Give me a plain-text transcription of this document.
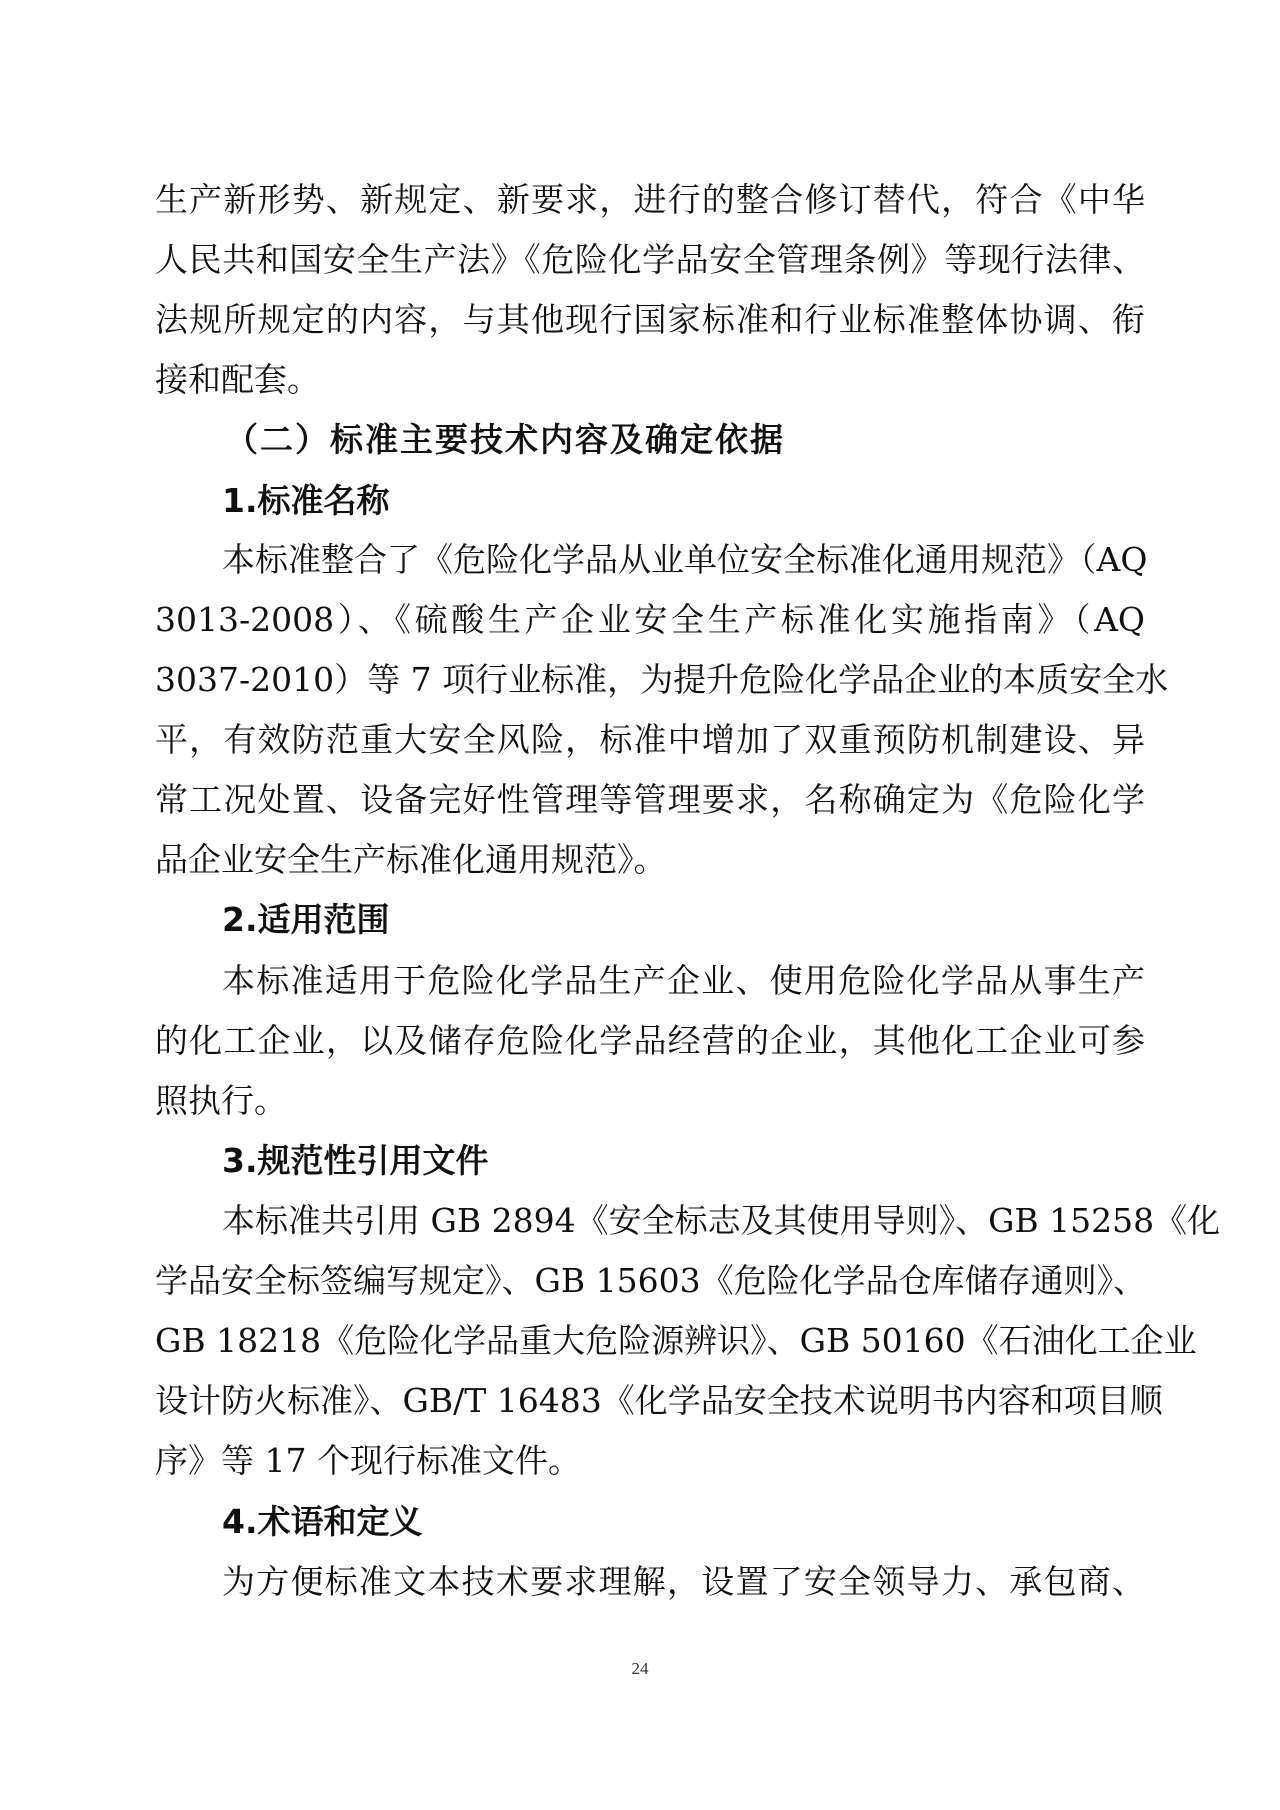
生产新形势、新规定、新要求，进行的整合修订替代，符合《中华
人民共和国安全生产法》《危险化学品安全管理条例》等现行法律、
法规所规定的内容，与其他现行国家标准和行业标准整体协调、衔
接和配套。
（二）标准主要技术内容及确定依据
1.标准名称
本标准整合了《危险化学品从业单位安全标准化通用规范》（AQ
3013-2008）、《硫酸生产企业安全生产标准化实施指南》（AQ
3037-2010）等 7 项行业标准，为提升危险化学品企业的本质安全水
平，有效防范重大安全风险，标准中增加了双重预防机制建设、异
常工况处置、设备完好性管理等管理要求，名称确定为《危险化学
品企业安全生产标准化通用规范》。
2.适用范围
本标准适用于危险化学品生产企业、使用危险化学品从事生产
的化工企业，以及储存危险化学品经营的企业，其他化工企业可参
照执行。
3.规范性引用文件
本标准共引用 GB 2894《安全标志及其使用导则》、GB 15258《化
学品安全标签编写规定》、GB 15603《危险化学品仓库储存通则》、
GB 18218《危险化学品重大危险源辨识》、GB 50160《石油化工企业
设计防火标准》、GB/T 16483《化学品安全技术说明书内容和项目顺
序》等 17 个现行标准文件。
4.术语和定义
为方便标准文本技术要求理解，设置了安全领导力、承包商、
24
